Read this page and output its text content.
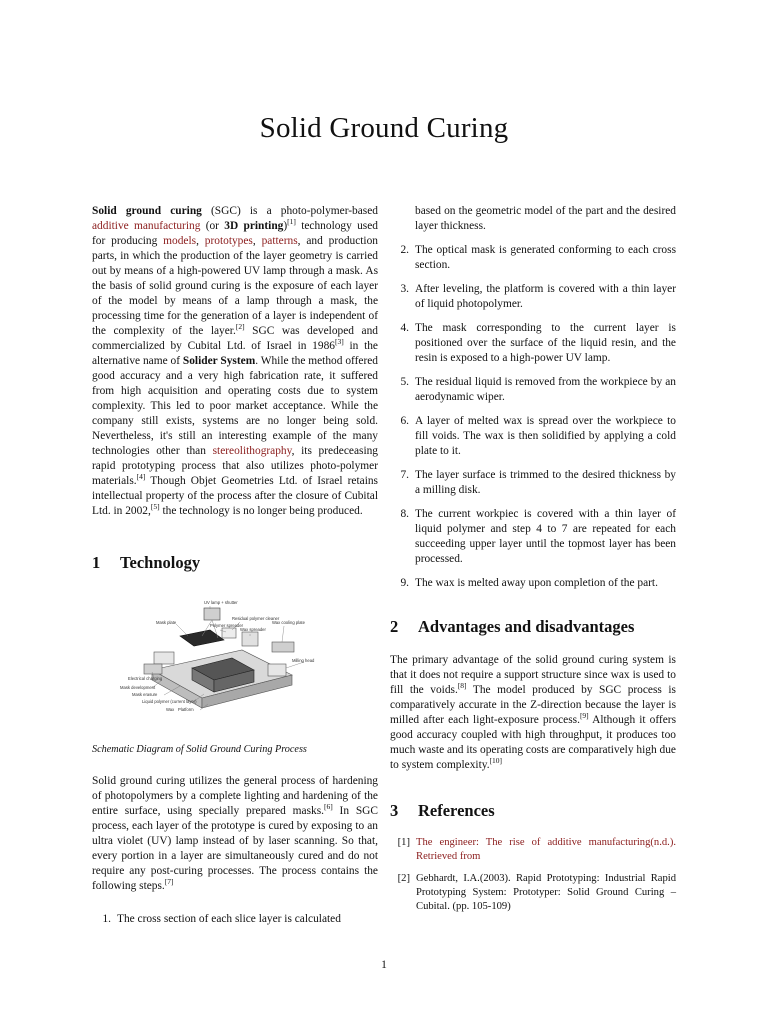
Solid Ground Curing

Solid ground curing (SGC) is a photo-polymer-based additive manufacturing (or 3D printing)[1] technology used for producing models, prototypes, patterns, and production parts, in which the production of the layer geometry is carried out by means of a high-powered UV lamp through a mask. As the basis of solid ground curing is the exposure of each layer of the model by means of a lamp through a mask, the processing time for the generation of a layer is independent of the complexity of the layer.[2] SGC was developed and commercialized by Cubital Ltd. of Israel in 1986[3] in the alternative name of Solider System. While the method offered good accuracy and a very high fabrication rate, it suffered from high acquisition and operating costs due to system complexity. This led to poor market acceptance. While the company still exists, systems are no longer being sold. Nevertheless, it's still an interesting example of the many technologies other than stereolithography, its predeceasing rapid prototyping process that also utilizes photo-polymer materials.[4] Though Objet Geometries Ltd. of Israel retains intellectual property of the process after the closure of Cubital Ltd. in 2002,[5] the technology is no longer being produced.

1	Technology
UV lamp + shutter
Mask plate
Residual polymer cleaner
Polymer spreader
Wax cooling plate
Wax spreader
Milling head
Electrical charging
Mask development
Mask erasure
Liquid polymer (current layer)
Wax Platform
Schematic Diagram of Solid Ground Curing Process

Solid ground curing utilizes the general process of hardening of photopolymers by a complete lighting and hardening of the entire surface, using specially prepared masks.[6] In SGC process, each layer of the prototype is cured by exposing to an ultra violet (UV) lamp instead of by laser scanning. So that, every portion in a layer are simultaneously cured and do not require any post-curing processes. The process contains the following steps.[7]

1. The cross section of each slice layer is calculated
based on the geometric model of the part and the desired layer thickness.
2. The optical mask is generated conforming to each cross section.
3. After leveling, the platform is covered with a thin layer of liquid photopolymer.
4. The mask corresponding to the current layer is positioned over the surface of the liquid resin, and the resin is exposed to a high-power UV lamp.
5. The residual liquid is removed from the workpiece by an aerodynamic wiper.
6. A layer of melted wax is spread over the workpiece to fill voids. The wax is then solidified by applying a cold plate to it.
7. The layer surface is trimmed to the desired thickness by a milling disk.
8. The current workpiec is covered with a thin layer of liquid polymer and step 4 to 7 are repeated for each succeeding upper layer until the topmost layer has been processed.
9. The wax is melted away upon completion of the part.
2	Advantages and disadvantages

The primary advantage of the solid ground curing system is that it does not require a support structure since wax is used to fill the voids.[8] The model produced by SGC process is comparatively accurate in the Z-direction because the layer is milled after each light-exposure process.[9] Although it offers good accuracy coupled with high throughput, it produces too much waste and its operating costs are comparatively high due to system complexity.[10]

3	References
[1] The engineer: The rise of additive manufacturing(n.d.). Retrieved from
[2] Gebhardt, I.A.(2003). Rapid Prototyping: Industrial Rapid Prototyping System: Prototyper: Solid Ground Curing – Cubital. (pp. 105-109)
1
